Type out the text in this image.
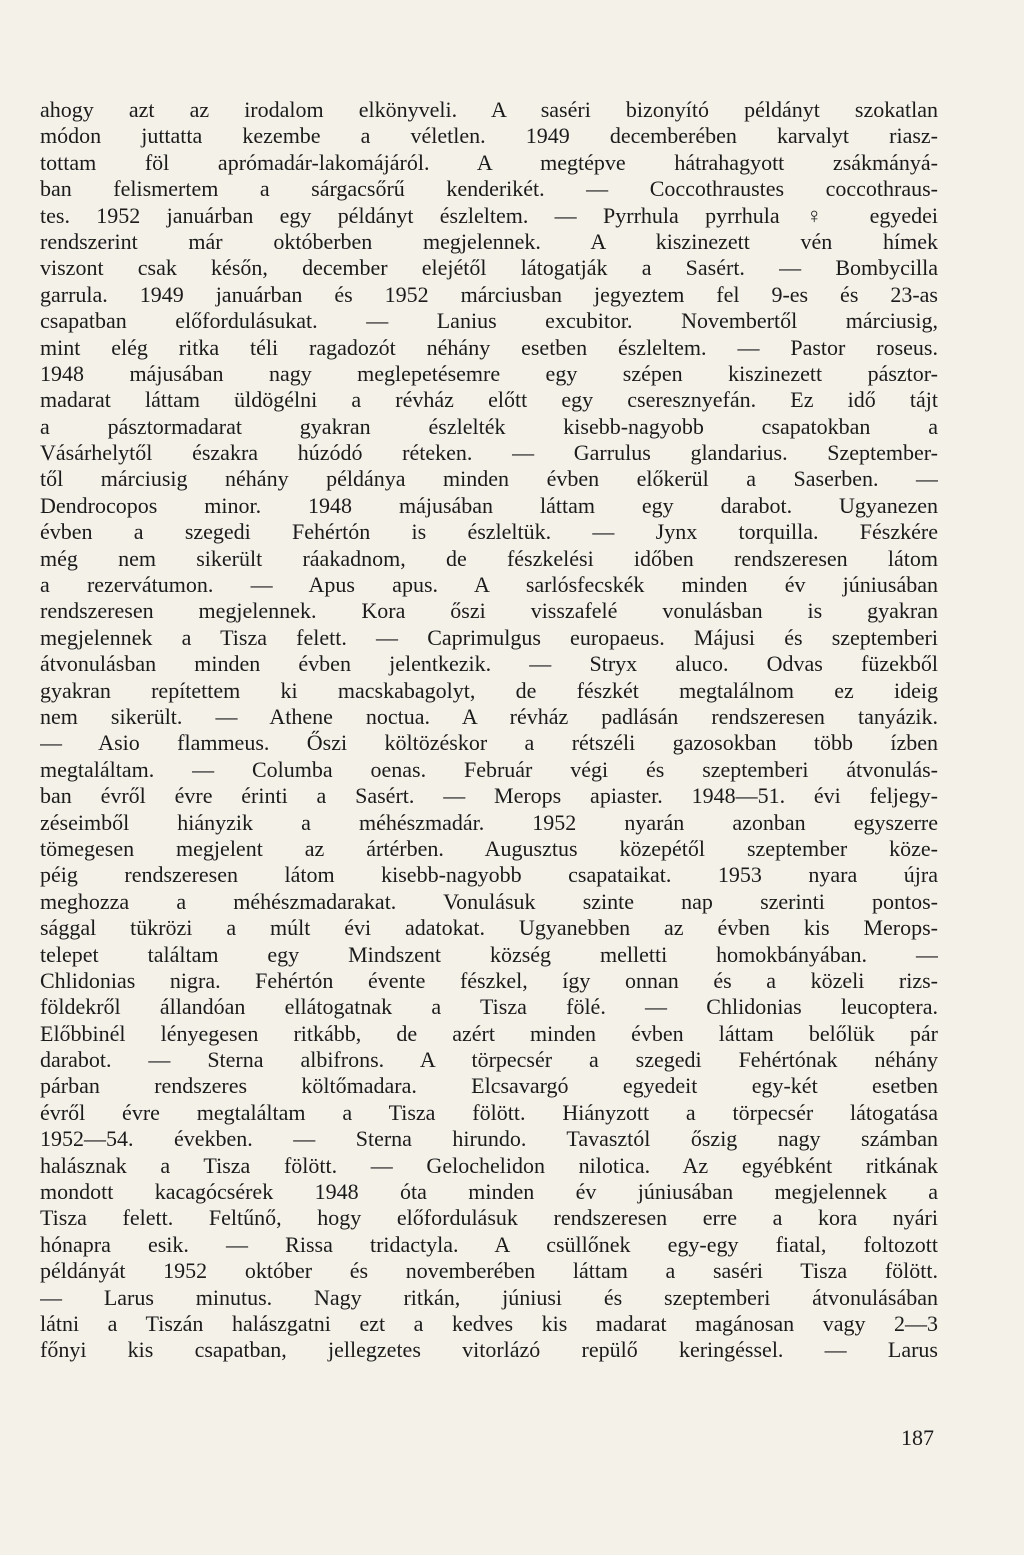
ahogy azt az irodalom elkönyveli. A saséri bizonyító példányt szokatlan
módon juttatta kezembe a véletlen. 1949 decemberében karvalyt riasz-
tottam föl aprómadár-lakomájáról. A megtépve hátrahagyott zsákmányá-
ban felismertem a sárgacsőrű kenderikét. — Coccothraustes coccothraus-
tes. 1952 januárban egy példányt észleltem. — Pyrrhula pyrrhula ♀ egyedei
rendszerint már októberben megjelennek. A kiszinezett vén hímek
viszont csak későn, december elejétől látogatják a Sasért. — Bombycilla
garrula. 1949 januárban és 1952 márciusban jegyeztem fel 9-es és 23-as
csapatban előfordulásukat. — Lanius excubitor. Novembertől márciusig,
mint elég ritka téli ragadozót néhány esetben észleltem. — Pastor roseus.
1948 májusában nagy meglepetésemre egy szépen kiszinezett pásztor-
madarat láttam üldögélni a révház előtt egy cseresznyefán. Ez idő tájt
a pásztormadarat gyakran észlelték kisebb-nagyobb csapatokban a
Vásárhelytől északra húzódó réteken. — Garrulus glandarius. Szeptember-
től márciusig néhány példánya minden évben előkerül a Saserben. —
Dendrocopos minor. 1948 májusában láttam egy darabot. Ugyanezen
évben a szegedi Fehértón is észleltük. — Jynx torquilla. Fészkére
még nem sikerült ráakadnom, de fészkelési időben rendszeresen látom
a rezervátumon. — Apus apus. A sarlósfecskék minden év júniusában
rendszeresen megjelennek. Kora őszi visszafelé vonulásban is gyakran
megjelennek a Tisza felett. — Caprimulgus europaeus. Májusi és szeptemberi
átvonulásban minden évben jelentkezik. — Stryx aluco. Odvas füzekből
gyakran repítettem ki macskabagolyt, de fészkét megtalálnom ez ideig
nem sikerült. — Athene noctua. A révház padlásán rendszeresen tanyázik.
— Asio flammeus. Őszi költözéskor a rétszéli gazosokban több ízben
megtaláltam. — Columba oenas. Február végi és szeptemberi átvonulás-
ban évről évre érinti a Sasért. — Merops apiaster. 1948—51. évi feljegy-
zéseimből hiányzik a méhészmadár. 1952 nyarán azonban egyszerre
tömegesen megjelent az ártérben. Augusztus közepétől szeptember köze-
péig rendszeresen látom kisebb-nagyobb csapataikat. 1953 nyara újra
meghozza a méhészmadarakat. Vonulásuk szinte nap szerinti pontos-
sággal tükrözi a múlt évi adatokat. Ugyanebben az évben kis Merops-
telepet találtam egy Mindszent község melletti homokbányában. —
Chlidonias nigra. Fehértón évente fészkel, így onnan és a közeli rizs-
földekről állandóan ellátogatnak a Tisza fölé. — Chlidonias leucoptera.
Előbbinél lényegesen ritkább, de azért minden évben láttam belőlük pár
darabot. — Sterna albifrons. A törpecsér a szegedi Fehértónak néhány
párban rendszeres költőmadara. Elcsavargó egyedeit egy-két esetben
évről évre megtaláltam a Tisza fölött. Hiányzott a törpecsér látogatása
1952—54. években. — Sterna hirundo. Tavasztól őszig nagy számban
halásznak a Tisza fölött. — Gelochelidon nilotica. Az egyébként ritkának
mondott kacagócsérek 1948 óta minden év júniusában megjelennek a
Tisza felett. Feltűnő, hogy előfordulásuk rendszeresen erre a kora nyári
hónapra esik. — Rissa tridactyla. A csüllőnek egy-egy fiatal, foltozott
példányát 1952 október és novemberében láttam a saséri Tisza fölött.
— Larus minutus. Nagy ritkán, júniusi és szeptemberi átvonulásában
látni a Tiszán halászgatni ezt a kedves kis madarat magánosan vagy 2—3
főnyi kis csapatban, jellegzetes vitorlázó repülő keringéssel. — Larus
187
